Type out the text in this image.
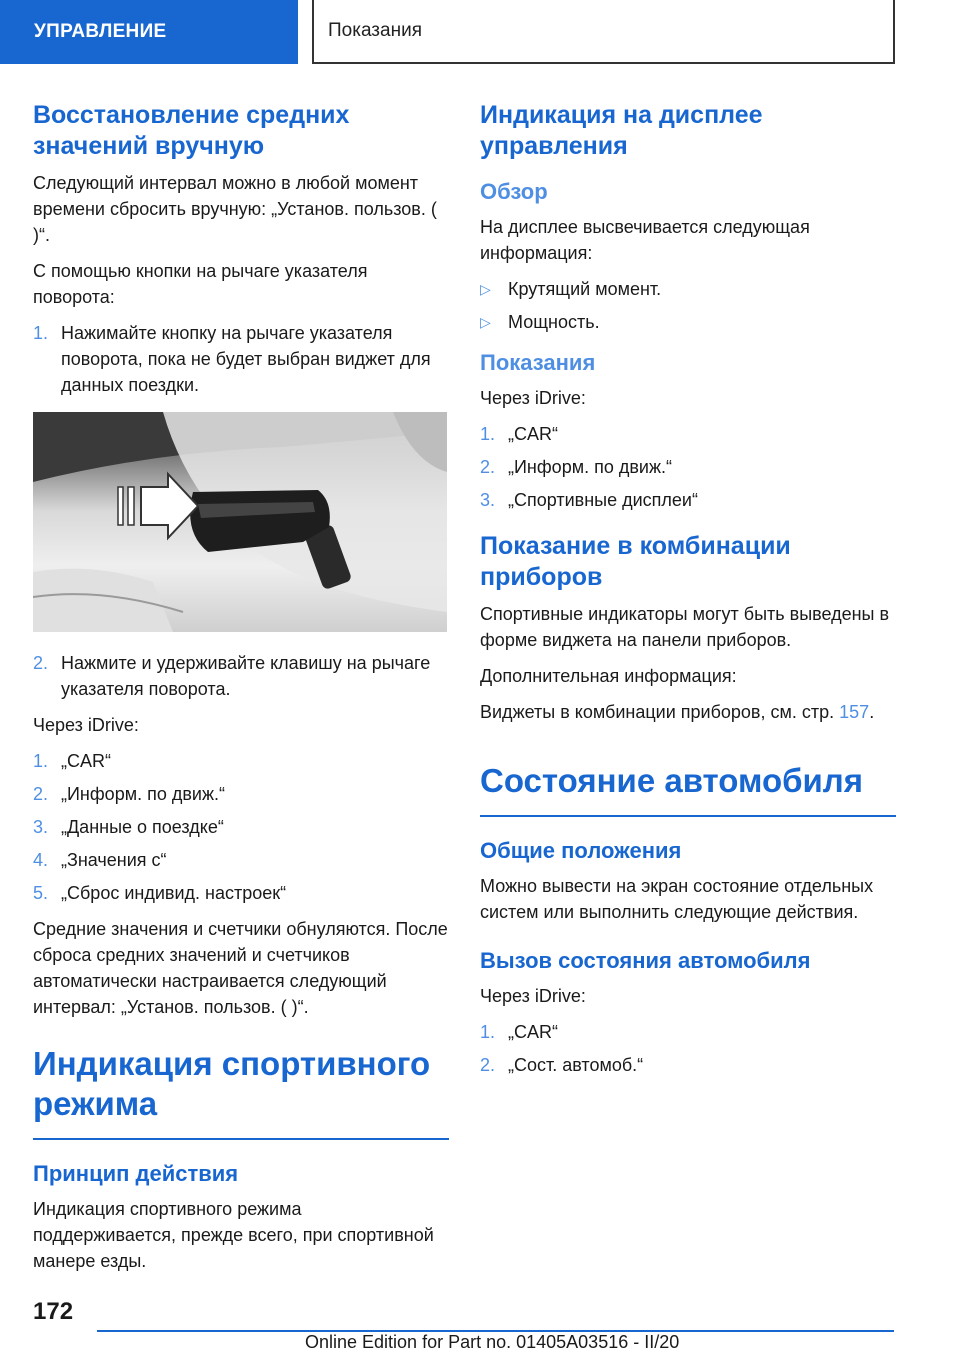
УПРАВЛЕНИЕ	Показания
Восстановление средних значений вручную

Следующий интервал можно в любой момент времени сбросить вручную: „Установ. пользов. ( )“.

С помощью кнопки на рычаге указателя поворота:

1. Нажимайте кнопку на рычаге указателя поворота, пока не будет выбран виджет для данных поездки.
2. Нажмите и удерживайте клавишу на рычаге указателя поворота.

Через iDrive:

1. „CAR“
2. „Информ. по движ.“
3. „Данные о поездке“
4. „Значения с“
5. „Сброс индивид. настроек“

Средние значения и счетчики обнуляются. После сброса средних значений и счетчиков автоматически настраивается следующий интервал: „Установ. пользов. ( )“.

Индикация спортивного режима
Принцип действия

Индикация спортивного режима поддерживается, прежде всего, при спортивной манере езды.

Индикация на дисплее управления
Обзор

На дисплее высвечивается следующая информация:

▷ Крутящий момент.
▷ Мощность.
Показания

Через iDrive:

1. „CAR“
2. „Информ. по движ.“
3. „Спортивные дисплеи“
Показание в комбинации приборов

Спортивные индикаторы могут быть выведены в форме виджета на панели приборов.

Дополнительная информация:

Виджеты в комбинации приборов, см. стр. 157.

Состояние автомобиля
Общие положения

Можно вывести на экран состояние отдельных систем или выполнить следующие действия.

Вызов состояния автомобиля

Через iDrive:

1. „CAR“
2. „Сост. автомоб.“
172
Online Edition for Part no. 01405A03516 - II/20
